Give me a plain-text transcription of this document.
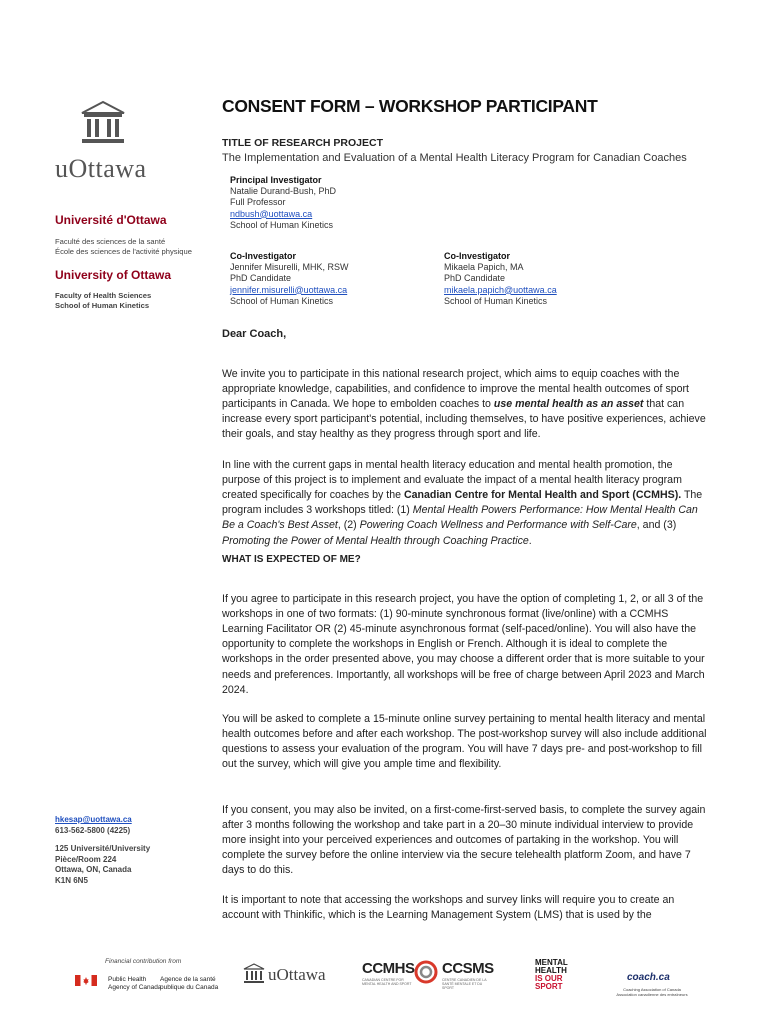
uOttawa
Université d'Ottawa
Faculté des sciences de la santé
École des sciences de l'activité physique
University of Ottawa
Faculty of Health Sciences
School of Human Kinetics
hkesap@uottawa.ca
613-562-5800 (4225)
125 Université/University
Pièce/Room 224
Ottawa, ON, Canada
K1N 6N5
CONSENT FORM – WORKSHOP PARTICIPANT
TITLE OF RESEARCH PROJECT
The Implementation and Evaluation of a Mental Health Literacy Program for Canadian Coaches
Principal Investigator
Natalie Durand-Bush, PhD
Full Professor
ndbush@uottawa.ca
School of Human Kinetics
Co-Investigator
Jennifer Misurelli, MHK, RSW
PhD Candidate
jennifer.misurelli@uottawa.ca
School of Human Kinetics
Co-Investigator
Mikaela Papich, MA
PhD Candidate
mikaela.papich@uottawa.ca
School of Human Kinetics
Dear Coach,

We invite you to participate in this national research project, which aims to equip coaches with the appropriate knowledge, capabilities, and confidence to improve the mental health outcomes of sport participants in Canada. We hope to embolden coaches to use mental health as an asset that can increase every sport participant's potential, including themselves, to have positive experiences, achieve their goals, and stay healthy as they progress through sport and life.

In line with the current gaps in mental health literacy education and mental health promotion, the purpose of this project is to implement and evaluate the impact of a mental health literacy program created specifically for coaches by the Canadian Centre for Mental Health and Sport (CCMHS). The program includes 3 workshops titled: (1) Mental Health Powers Performance: How Mental Health Can Be a Coach's Best Asset, (2) Powering Coach Wellness and Performance with Self-Care, and (3) Promoting the Power of Mental Health through Coaching Practice.

WHAT IS EXPECTED OF ME?

If you agree to participate in this research project, you have the option of completing 1, 2, or all 3 of the workshops in one of two formats: (1) 90-minute synchronous format (live/online) with a CCMHS Learning Facilitator OR (2) 45-minute asynchronous format (self-paced/online). You will also have the opportunity to complete the workshops in English or French. Although it is ideal to complete the workshops in the order presented above, you may choose a different order that is more suitable to your needs and preferences. Importantly, all workshops will be free of charge between April 2023 and March 2024.

You will be asked to complete a 15-minute online survey pertaining to mental health literacy and mental health outcomes before and after each workshop. The post-workshop survey will also include additional questions to assess your evaluation of the program. You will have 7 days pre- and post-workshop to fill out the survey, which will give you ample time and flexibility.

If you consent, you may also be invited, on a first-come-first-served basis, to complete the survey again after 3 months following the workshop and take part in a 20–30 minute individual interview to provide more insight into your perceived experiences and outcomes of partaking in the workshop. You will complete the survey before the online interview via the secure telehealth platform Zoom, and have 7 days to do this.

It is important to note that accessing the workshops and survey links will require you to create an account with Thinkific, which is the Learning Management System (LMS) that is used by the

Financial contribution from
Public Health
Agency of Canada
Agence de la santé
publique du Canada
uOttawa CCMHS
CANADIAN CENTRE FOR MENTAL HEALTH AND SPORT
CCSMS
CENTRE CANADIEN DE LA SANTÉ MENTALE ET DU SPORT
MENTAL
HEALTH
IS OUR
SPORT
coach.ca
Coaching Association of Canada
Association canadienne des entraîneurs
